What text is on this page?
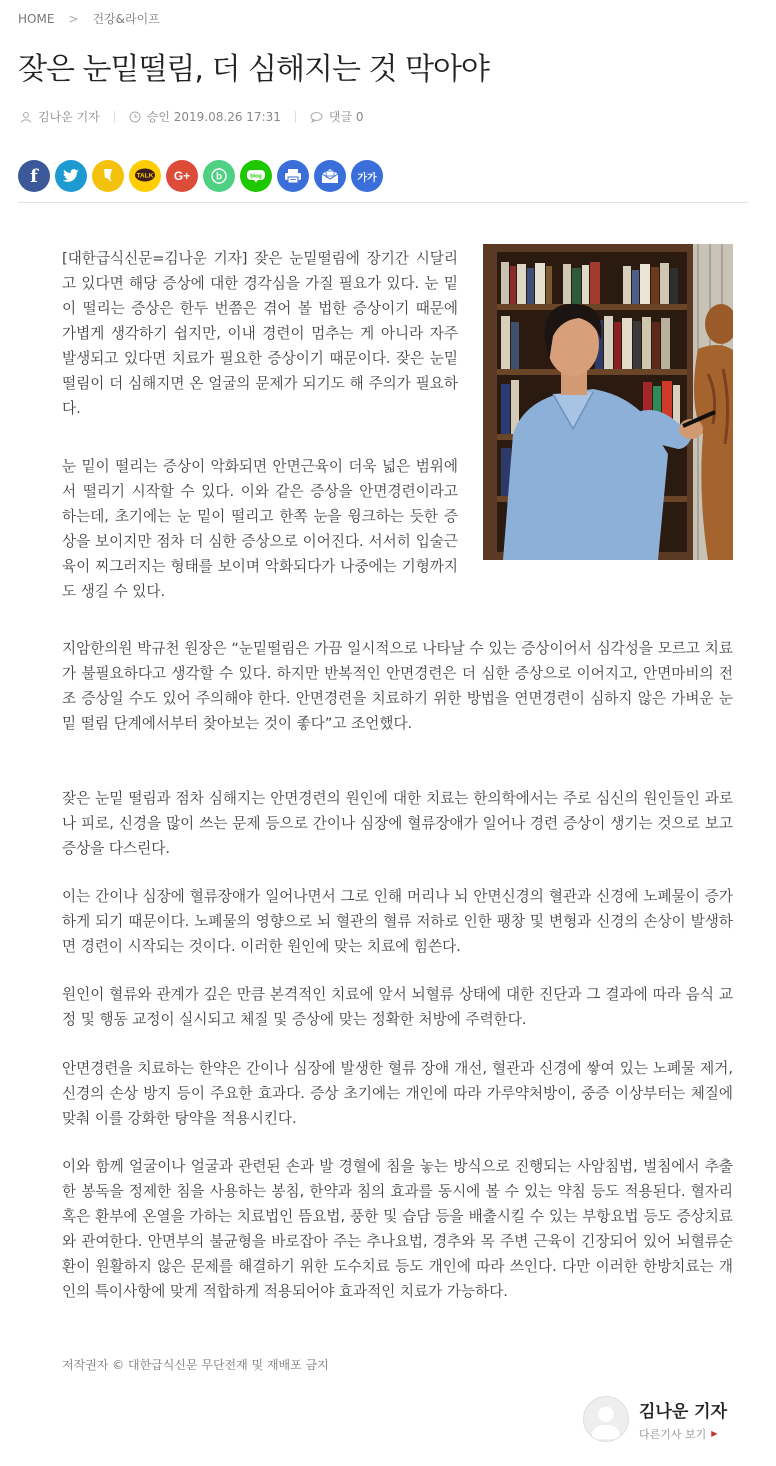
HOME > 건강&라이프
잦은 눈밑떨림, 더 심해지는 것 막아야
김나운 기자	승인 2019.08.26 17:31	댓글 0
f	TALK	G+	b	blog	가가

[대한급식신문=김나운 기자] 잦은 눈밑떨림에 장기간 시달리고 있다면 해당 증상에 대한 경각심을 가질 필요가 있다. 눈 밑이 떨리는 증상은 한두 번쯤은 겪어 볼 법한 증상이기 때문에 가볍게 생각하기 쉽지만, 이내 경련이 멈추는 게 아니라 자주 발생되고 있다면 치료가 필요한 증상이기 때문이다. 잦은 눈밑떨림이 더 심해지면 온 얼굴의 문제가 되기도 해 주의가 필요하다.

눈 밑이 떨리는 증상이 악화되면 안면근육이 더욱 넓은 범위에서 떨리기 시작할 수 있다. 이와 같은 증상을 안면경련이라고 하는데, 초기에는 눈 밑이 떨리고 한쪽 눈을 윙크하는 듯한 증상을 보이지만 점차 더 심한 증상으로 이어진다. 서서히 입술근육이 찌그러지는 형태를 보이며 악화되다가 나중에는 기형까지도 생길 수 있다.

지암한의원 박규천 원장은 “눈밑떨림은 가끔 일시적으로 나타날 수 있는 증상이어서 심각성을 모르고 치료가 불필요하다고 생각할 수 있다. 하지만 반복적인 안면경련은 더 심한 증상으로 이어지고, 안면마비의 전조 증상일 수도 있어 주의해야 한다. 안면경련을 치료하기 위한 방법을 연면경련이 심하지 않은 가벼운 눈밑 떨림 단계에서부터 찾아보는 것이 좋다”고 조언했다.

잦은 눈밑 떨림과 점차 심해지는 안면경련의 원인에 대한 치료는 한의학에서는 주로 심신의 원인들인 과로나 피로, 신경을 많이 쓰는 문제 등으로 간이나 심장에 혈류장애가 일어나 경련 증상이 생기는 것으로 보고 증상을 다스린다.

이는 간이나 심장에 혈류장애가 일어나면서 그로 인해 머리나 뇌 안면신경의 혈관과 신경에 노폐물이 증가하게 되기 때문이다. 노폐물의 영향으로 뇌 혈관의 혈류 저하로 인한 팽창 및 변형과 신경의 손상이 발생하면 경련이 시작되는 것이다. 이러한 원인에 맞는 치료에 힘쓴다.

원인이 혈류와 관계가 깊은 만큼 본격적인 치료에 앞서 뇌혈류 상태에 대한 진단과 그 결과에 따라 음식 교정 및 행동 교정이 실시되고 체질 및 증상에 맞는 정확한 처방에 주력한다.

안면경련을 치료하는 한약은 간이나 심장에 발생한 혈류 장애 개선, 혈관과 신경에 쌓여 있는 노폐물 제거, 신경의 손상 방지 등이 주요한 효과다. 증상 초기에는 개인에 따라 가루약처방이, 중증 이상부터는 체질에 맞춰 이를 강화한 탕약을 적용시킨다.

이와 함께 얼굴이나 얼굴과 관련된 손과 발 경혈에 침을 놓는 방식으로 진행되는 사암침법, 벌침에서 추출한 봉독을 정제한 침을 사용하는 봉침, 한약과 침의 효과를 동시에 볼 수 있는 약침 등도 적용된다. 혈자리 혹은 환부에 온열을 가하는 치료법인 뜸요법, 풍한 및 습담 등을 배출시킬 수 있는 부항요법 등도 증상치료와 관여한다. 안면부의 불균형을 바로잡아 주는 추나요법, 경추와 목 주변 근육이 긴장되어 있어 뇌혈류순환이 원활하지 않은 문제를 해결하기 위한 도수치료 등도 개인에 따라 쓰인다. 다만 이러한 한방치료는 개인의 특이사항에 맞게 적합하게 적용되어야 효과적인 치료가 가능하다.

저작권자 © 대한급식신문 무단전재 및 재배포 금지
김나운 기자
다른기사 보기 ▶
